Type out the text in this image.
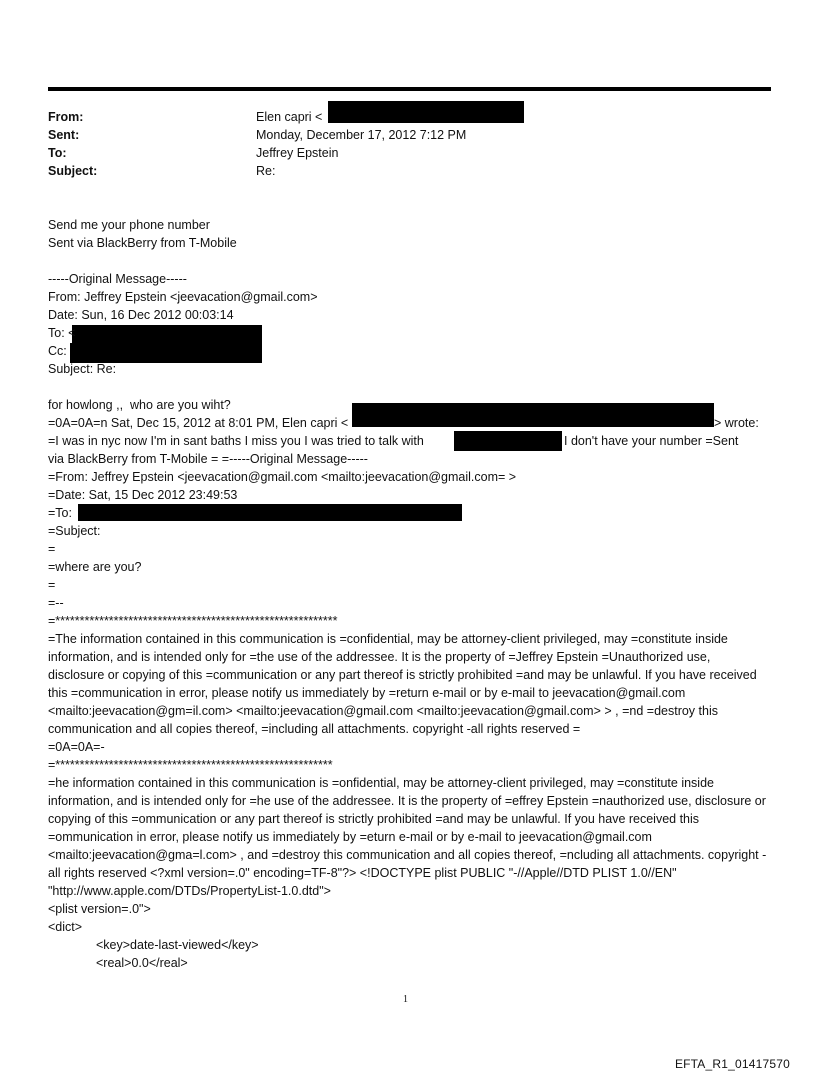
From:	Elen capri <
Sent:	Monday, December 17, 2012 7:12 PM
To:	Jeffrey Epstein
Subject:	Re:
Send me your phone number
Sent via BlackBerry from T-Mobile
-----Original Message-----
From: Jeffrey Epstein <jeevacation@gmail.com>
Date: Sun, 16 Dec 2012 00:03:14
To: <
Cc:
Subject: Re:
for howlong ,,  who are you wiht?
=0A=0A=n Sat, Dec 15, 2012 at 8:01 PM, Elen capri <	> wrote:
=I was in nyc now I'm in sant baths I miss you I was tried to talk with	I don't have your number =Sent
via BlackBerry from T-Mobile = =-----Original Message-----
=From: Jeffrey Epstein <jeevacation@gmail.com <mailto:jeevacation@gmail.com= >
=Date: Sat, 15 Dec 2012 23:49:53
=To:
=Subject:
=
=where are you?
=
=--
=**********************************************************
=The information contained in this communication is =confidential, may be attorney-client privileged, may =constitute inside information, and is intended only for =the use of the addressee. It is the property of =Jeffrey Epstein =Unauthorized use, disclosure or copying of this =communication or any part thereof is strictly prohibited =and may be unlawful. If you have received this =communication in error, please notify us immediately by =return e-mail or by e-mail to jeevacation@gmail.com <mailto:jeevacation@gm=il.com> <mailto:jeevacation@gmail.com <mailto:jeevacation@gmail.com> > , =nd =destroy this communication and all copies thereof, =including all attachments. copyright -all rights reserved =
=0A=0A=-
=*********************************************************
=he information contained in this communication is =onfidential, may be attorney-client privileged, may =constitute inside information, and is intended only for =he use of the addressee. It is the property of =effrey Epstein =nauthorized use, disclosure or copying of this =ommunication or any part thereof is strictly prohibited =and may be unlawful. If you have received this =ommunication in error, please notify us immediately by =eturn e-mail or by e-mail to jeevacation@gmail.com <mailto:jeevacation@gma=l.com> , and =destroy this communication and all copies thereof, =ncluding all attachments. copyright -all rights reserved <?xml version=.0" encoding=TF-8"?> <!DOCTYPE plist PUBLIC "-//Apple//DTD PLIST 1.0//EN" "http://www.apple.com/DTDs/PropertyList-1.0.dtd">
<plist version=.0">
<dict>
<key>date-last-viewed</key>
<real>0.0</real>
1
EFTA_R1_01417570
